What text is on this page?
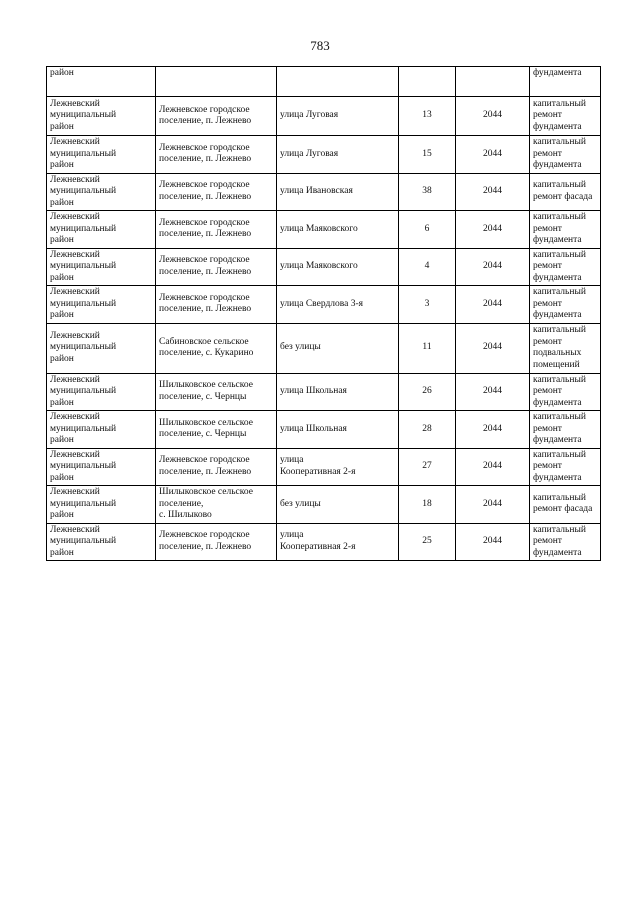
783
район					фундамента
Лежневский
муниципальный
район	Лежневское городское
поселение, п. Лежнево	улица Луговая	13	2044	капитальный
ремонт
фундамента
Лежневский
муниципальный
район	Лежневское городское
поселение, п. Лежнево	улица Луговая	15	2044	капитальный
ремонт
фундамента
Лежневский
муниципальный
район	Лежневское городское
поселение, п. Лежнево	улица Ивановская	38	2044	капитальный
ремонт фасада
Лежневский
муниципальный
район	Лежневское городское
поселение, п. Лежнево	улица Маяковского	6	2044	капитальный
ремонт
фундамента
Лежневский
муниципальный
район	Лежневское городское
поселение, п. Лежнево	улица Маяковского	4	2044	капитальный
ремонт
фундамента
Лежневский
муниципальный
район	Лежневское городское
поселение, п. Лежнево	улица Свердлова 3-я	3	2044	капитальный
ремонт
фундамента
Лежневский
муниципальный
район	Сабиновское сельское
поселение, с. Кукарино	без улицы	11	2044	капитальный
ремонт
подвальных
помещений
Лежневский
муниципальный
район	Шилыковское сельское
поселение, с. Чернцы	улица Школьная	26	2044	капитальный
ремонт
фундамента
Лежневский
муниципальный
район	Шилыковское сельское
поселение, с. Чернцы	улица Школьная	28	2044	капитальный
ремонт
фундамента
Лежневский
муниципальный
район	Лежневское городское
поселение, п. Лежнево	улица
Кооперативная 2-я	27	2044	капитальный
ремонт
фундамента
Лежневский
муниципальный
район	Шилыковское сельское
поселение,
с. Шилыково	без улицы	18	2044	капитальный
ремонт фасада
Лежневский
муниципальный
район	Лежневское городское
поселение, п. Лежнево	улица
Кооперативная 2-я	25	2044	капитальный
ремонт
фундамента
